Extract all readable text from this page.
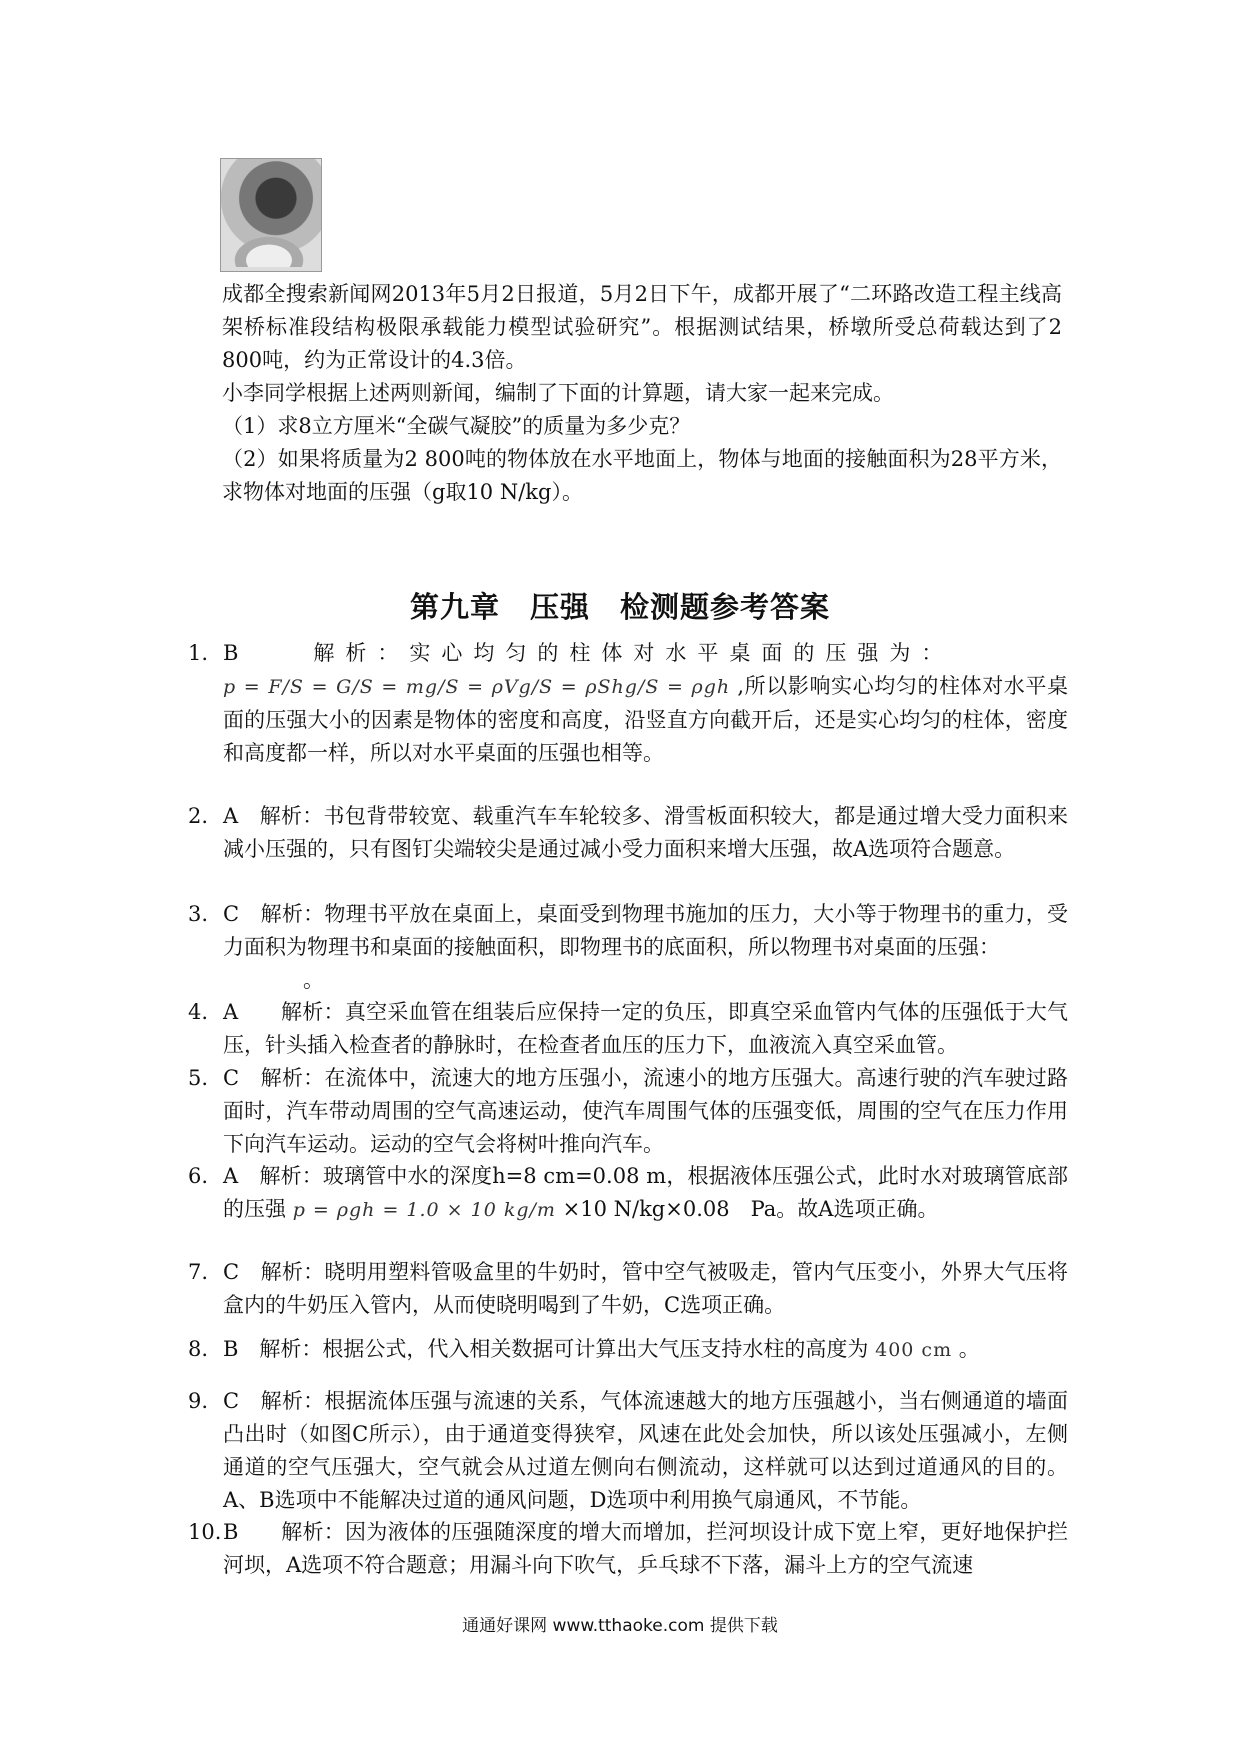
成都全搜索新闻网2013年5月2日报道，5月2日下午，成都开展了“二环路改造工程主线高架桥标准段结构极限承载能力模型试验研究”。根据测试结果，桥墩所受总荷载达到了2 800吨，约为正常设计的4.3倍。

小李同学根据上述两则新闻，编制了下面的计算题，请大家一起来完成。

（1）求8立方厘米“全碳气凝胶”的质量为多少克？

（2）如果将质量为2 800吨的物体放在水平地面上，物体与地面的接触面积为28平方米，求物体对地面的压强（g取10 N/kg）。

第九章　压强　检测题参考答案
1. B　　解析：实心均匀的柱体对水平桌面的压强为：
p = F/S = G/S = mg/S = ρVg/S = ρShg/S = ρgh ,所以影响实心均匀的柱体对水平桌面的压强大小的因素是物体的密度和高度，沿竖直方向截开后，还是实心均匀的柱体，密度和高度都一样，所以对水平桌面的压强也相等。
2. A　解析：书包背带较宽、载重汽车车轮较多、滑雪板面积较大，都是通过增大受力面积来减小压强的，只有图钉尖端较尖是通过减小受力面积来增大压强，故A选项符合题意。
3. C　解析：物理书平放在桌面上，桌面受到物理书施加的压力，大小等于物理书的重力，受力面积为物理书和桌面的接触面积，即物理书的底面积，所以物理书对桌面的压强：
。
4. A　　解析：真空采血管在组装后应保持一定的负压，即真空采血管内气体的压强低于大气压，针头插入检查者的静脉时，在检查者血压的压力下，血液流入真空采血管。
5. C　解析：在流体中，流速大的地方压强小，流速小的地方压强大。高速行驶的汽车驶过路面时，汽车带动周围的空气高速运动，使汽车周围气体的压强变低，周围的空气在压力作用下向汽车运动。运动的空气会将树叶推向汽车。
6. A　解析：玻璃管中水的深度h=8 cm=0.08 m，根据液体压强公式，此时水对玻璃管底部的压强 p = ρgh = 1.0 × 10 kg/m ×10 N/kg×0.08　Pa。故A选项正确。
7. C　解析：晓明用塑料管吸盒里的牛奶时，管中空气被吸走，管内气压变小，外界大气压将盒内的牛奶压入管内，从而使晓明喝到了牛奶，C选项正确。
8. B　解析：根据公式，代入相关数据可计算出大气压支持水柱的高度为 400 cm 。
9. C　解析：根据流体压强与流速的关系，气体流速越大的地方压强越小，当右侧通道的墙面凸出时（如图C所示），由于通道变得狭窄，风速在此处会加快，所以该处压强减小，左侧通道的空气压强大，空气就会从过道左侧向右侧流动，这样就可以达到过道通风的目的。A、B选项中不能解决过道的通风问题，D选项中利用换气扇通风，不节能。
10. B　　解析：因为液体的压强随深度的增大而增加，拦河坝设计成下宽上窄，更好地保护拦河坝，A选项不符合题意；用漏斗向下吹气，乒乓球不下落，漏斗上方的空气流速
通通好课网 www.tthaoke.com 提供下载
